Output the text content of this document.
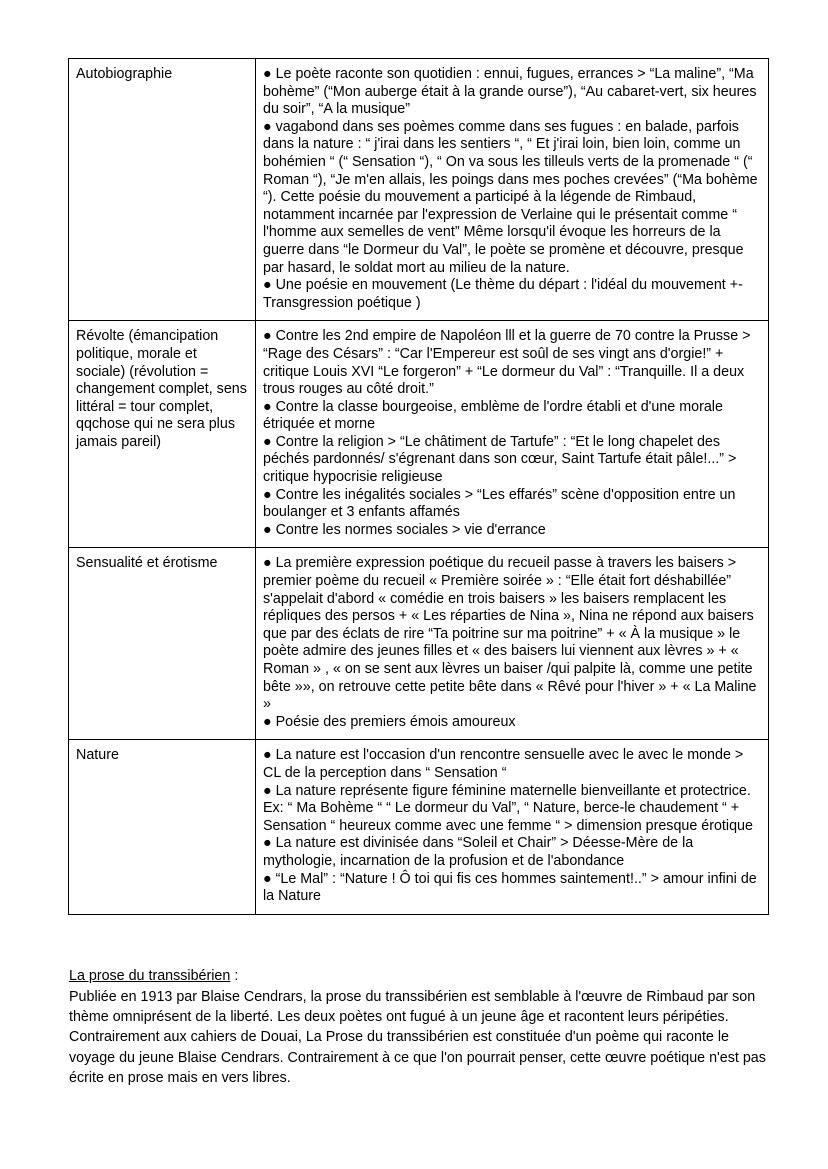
Autobiographie	● Le poète raconte son quotidien : ennui, fugues, errances > “La maline”, “Ma bohème” (“Mon auberge était à la grande ourse”), “Au cabaret-vert, six heures du soir”, “A la musique”
● vagabond dans ses poèmes comme dans ses fugues : en balade, parfois dans la nature : “ j'irai dans les sentiers “, “ Et j'irai loin, bien loin, comme un bohémien “ (“ Sensation “), “ On va sous les tilleuls verts de la promenade “ (“ Roman “), “Je m'en allais, les poings dans mes poches crevées” (“Ma bohème “). Cette poésie du mouvement a participé à la légende de Rimbaud, notamment incarnée par l'expression de Verlaine qui le présentait comme “ l'homme aux semelles de vent” Même lorsqu'il évoque les horreurs de la guerre dans “le Dormeur du Val”, le poète se promène et découvre, presque par hasard, le soldat mort au milieu de la nature.
● Une poésie en mouvement (Le thème du départ : l'idéal du mouvement +- Transgression poétique )

Révolte (émancipation politique, morale et sociale) (révolution = changement complet, sens littéral = tour complet, qqchose qui ne sera plus jamais pareil)	● Contre les 2nd empire de Napoléon lll et la guerre de 70 contre la Prusse > “Rage des Césars” : “Car l'Empereur est soûl de ses vingt ans d'orgie!” + critique Louis XVI “Le forgeron” + “Le dormeur du Val” : “Tranquille. Il a deux trous rouges au côté droit.”
● Contre la classe bourgeoise, emblème de l'ordre établi et d'une morale étriquée et morne
● Contre la religion > “Le châtiment de Tartufe” : “Et le long chapelet des péchés pardonnés/ s'égrenant dans son cœur, Saint Tartufe était pâle!...” > critique hypocrisie religieuse
● Contre les inégalités sociales > “Les effarés” scène d'opposition entre un boulanger et 3 enfants affamés
● Contre les normes sociales > vie d'errance

Sensualité et érotisme	● La première expression poétique du recueil passe à travers les baisers > premier poème du recueil « Première soirée » : “Elle était fort déshabillée” s'appelait d'abord « comédie en trois baisers » les baisers remplacent les répliques des persos + « Les réparties de Nina », Nina ne répond aux baisers que par des éclats de rire “Ta poitrine sur ma poitrine” + « À la musique » le poète admire des jeunes filles et « des baisers lui viennent aux lèvres » + « Roman » , « on se sent aux lèvres un baiser /qui palpite là, comme une petite bête »», on retrouve cette petite bête dans « Rêvé pour l'hiver » + « La Maline »
● Poésie des premiers émois amoureux

Nature	● La nature est l'occasion d'un rencontre sensuelle avec le avec le monde > CL de la perception dans “ Sensation “
● La nature représente figure féminine maternelle bienveillante et protectrice. Ex: “ Ma Bohème “ “ Le dormeur du Val”, “ Nature, berce-le chaudement “ + Sensation “ heureux comme avec une femme “ > dimension presque érotique
● La nature est divinisée dans “Soleil et Chair” > Déesse-Mère de la mythologie, incarnation de la profusion et de l'abondance
● “Le Mal” : “Nature ! Ô toi qui fis ces hommes saintement!..” > amour infini de la Nature
La prose du transsibérien :
Publiée en 1913 par Blaise Cendrars, la prose du transsibérien est semblable à l'œuvre de Rimbaud par son thème omniprésent de la liberté. Les deux poètes ont fugué à un jeune âge et racontent leurs péripéties. Contrairement aux cahiers de Douai, La Prose du transsibérien est constituée d'un poème qui raconte le voyage du jeune Blaise Cendrars. Contrairement à ce que l'on pourrait penser, cette œuvre poétique n'est pas écrite en prose mais en vers libres.
